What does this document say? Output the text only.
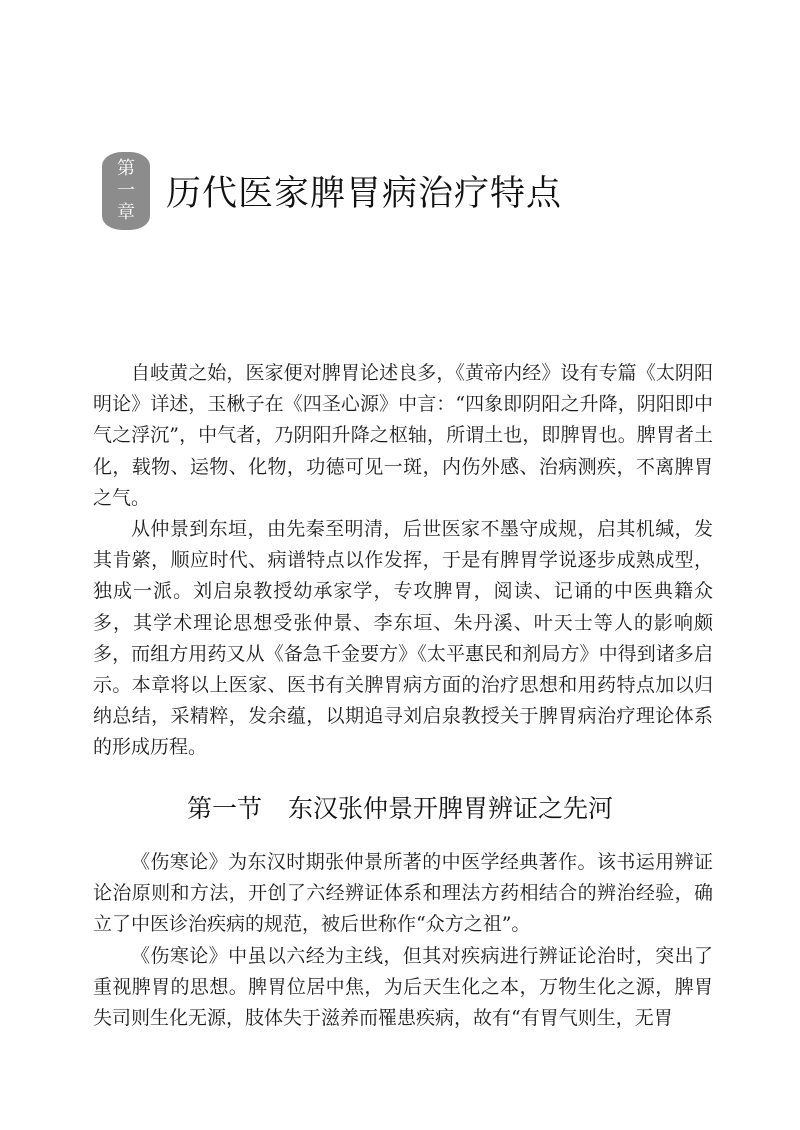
第
一
章 历代医家脾胃病治疗特点

自岐黄之始，医家便对脾胃论述良多，《黄帝内经》设有专篇《太阴阳明论》详述，玉楸子在《四圣心源》中言：“四象即阴阳之升降，阴阳即中气之浮沉”，中气者，乃阴阳升降之枢轴，所谓土也，即脾胃也。脾胃者土化，载物、运物、化物，功德可见一斑，内伤外感、治病测疾，不离脾胃之气。

从仲景到东垣，由先秦至明清，后世医家不墨守成规，启其机缄，发其肯綮，顺应时代、病谱特点以作发挥，于是有脾胃学说逐步成熟成型，独成一派。刘启泉教授幼承家学，专攻脾胃，阅读、记诵的中医典籍众多，其学术理论思想受张仲景、李东垣、朱丹溪、叶天士等人的影响颇多，而组方用药又从《备急千金要方》《太平惠民和剂局方》中得到诸多启示。本章将以上医家、医书有关脾胃病方面的治疗思想和用药特点加以归纳总结，采精粹，发余蕴，以期追寻刘启泉教授关于脾胃病治疗理论体系的形成历程。

第一节 东汉张仲景开脾胃辨证之先河

《伤寒论》为东汉时期张仲景所著的中医学经典著作。该书运用辨证论治原则和方法，开创了六经辨证体系和理法方药相结合的辨治经验，确立了中医诊治疾病的规范，被后世称作“众方之祖”。

《伤寒论》中虽以六经为主线，但其对疾病进行辨证论治时，突出了重视脾胃的思想。脾胃位居中焦，为后天生化之本，万物生化之源，脾胃失司则生化无源，肢体失于滋养而罹患疾病，故有“有胃气则生，无胃
